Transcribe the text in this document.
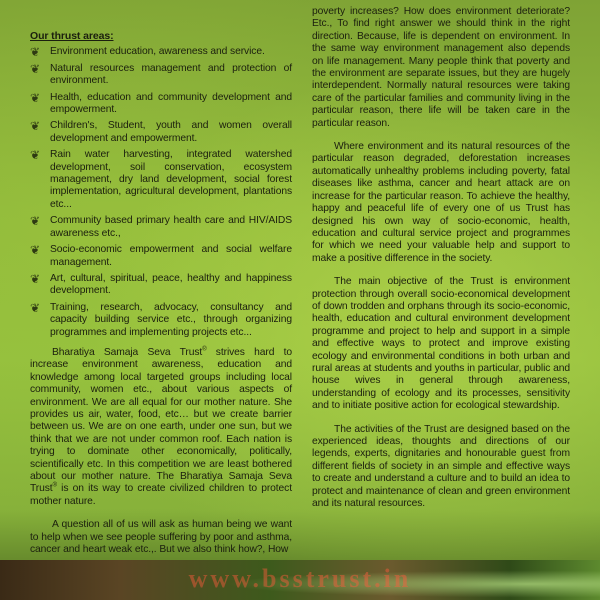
Our thrust areas:
❦ Environment education, awareness and service.
❦ Natural resources management and protection of environment.
❦ Health, education and community development and empowerment.
❦ Children's, Student, youth and women overall development and empowerment.
❦ Rain water harvesting, integrated watershed development, soil conservation, ecosystem management, dry land development, social forest implementation, agricultural development, plantations etc...
❦ Community based primary health care and HIV/AIDS awareness etc.,
❦ Socio-economic empowerment and social welfare management.
❦ Art, cultural, spiritual, peace, healthy and happiness development.
❦ Training, research, advocacy, consultancy and capacity building service etc., through organizing programmes and implementing projects etc...

Bharatiya Samaja Seva Trust® strives hard to increase environment awareness, education and knowledge among local targeted groups including local community, women etc., about various aspects of environment. We are all equal for our mother nature. She provides us air, water, food, etc… but we create barrier between us. We are on one earth, under one sun, but we think that we are not under common roof. Each nation is trying to dominate other economically, politically, scientifically etc. In this competition we are least bothered about our mother nature. The Bharatiya Samaja Seva Trust® is on its way to create civilized children to protect mother nature.

A question all of us will ask as human being we want to help when we see people suffering by poor and asthma, cancer and heart weak etc.,. But we also think how?, How

poverty increases? How does environment deteriorate? Etc., To find right answer we should think in the right direction. Because, life is dependent on environment. In the same way environment management also depends on life management. Many people think that poverty and the environment are separate issues, but they are hugely interdependent. Normally natural resources were taking care of the particular families and community living in the particular reason, there life will be taken care in the particular reason.

Where environment and its natural resources of the particular reason degraded, deforestation increases automatically unhealthy problems including poverty, fatal diseases like asthma, cancer and heart attack are on increase for the particular reason. To achieve the healthy, happy and peaceful life of every one of us Trust has designed his own way of socio-economic, health, education and cultural service project and programmes for which we need your valuable help and support to make a positive difference in the society.

The main objective of the Trust is environment protection through overall socio-economical development of down trodden and orphans through its socio-economic, health, education and cultural environment development programme and project to help and support in a simple and effective ways to protect and improve existing ecology and environmental conditions in both urban and rural areas at students and youths in particular, public and house wives in general through awareness, understanding of ecology and its processes, sensitivity and to initiate positive action for ecological stewardship.

The activities of the Trust are designed based on the experienced ideas, thoughts and directions of our legends, experts, dignitaries and honourable guest from different fields of society in an simple and effective ways to create and understand a culture and to build an idea to protect and maintenance of clean and green environment and its natural resources.

www.bsstrust.in
